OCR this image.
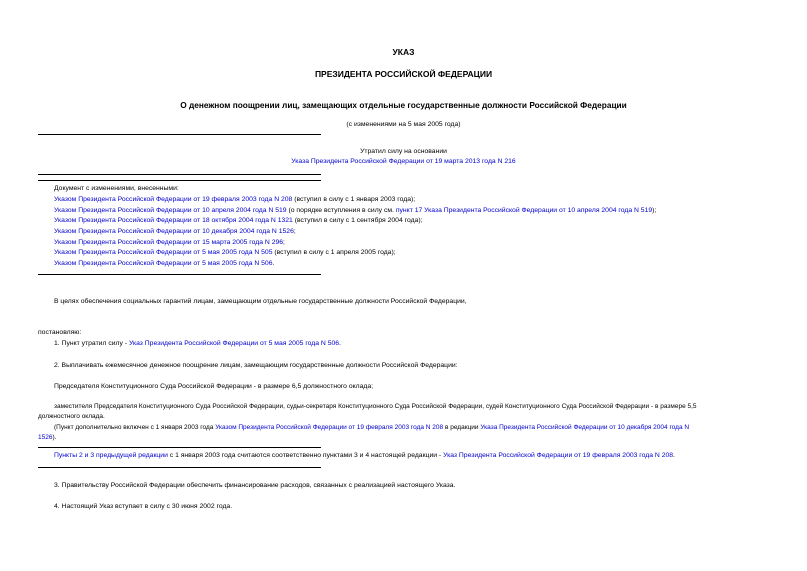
УКАЗ
ПРЕЗИДЕНТА РОССИЙСКОЙ ФЕДЕРАЦИИ
О денежном поощрении лиц, замещающих отдельные государственные должности Российской Федерации
(с изменениями на 5 мая 2005 года)
Утратил силу на основании
Указа Президента Российской Федерации от 19 марта 2013 года N 216
Документ с изменениями, внесенными:
Указом Президента Российской Федерации от 19 февраля 2003 года N 208 (вступил в силу с 1 января 2003 года);
Указом Президента Российской Федерации от 10 апреля 2004 года N 519 (о порядке вступления в силу см. пункт 17 Указа Президента Российской Федерации от 10 апреля 2004 года N 519);
Указом Президента Российской Федерации от 18 октября 2004 года N 1321 (вступил в силу с 1 сентября 2004 года);
Указом Президента Российской Федерации от 10 декабря 2004 года N 1526;
Указом Президента Российской Федерации от 15 марта 2005 года N 296;
Указом Президента Российской Федерации от 5 мая 2005 года N 505 (вступил в силу с 1 апреля 2005 года);
Указом Президента Российской Федерации от 5 мая 2005 года N 506.
В целях обеспечения социальных гарантий лицам, замещающим отдельные государственные должности Российской Федерации,
постановляю:
1. Пункт утратил силу - Указ Президента Российской Федерации от 5 мая 2005 года N 506.
2. Выплачивать ежемесячное денежное поощрение лицам, замещающим государственные должности Российской Федерации:
Председателя Конституционного Суда Российской Федерации - в размере 6,5 должностного оклада;
заместителя Председателя Конституционного Суда Российской Федерации, судьи-секретаря Конституционного Суда Российской Федерации, судей Конституционного Суда Российской Федерации - в размере 5,5
должностного оклада.
(Пункт дополнительно включен с 1 января 2003 года Указом Президента Российской Федерации от 19 февраля 2003 года N 208 в редакции Указа Президента Российской Федерации от 10 декабря 2004 года N
1526).
Пункты 2 и 3 предыдущей редакции с 1 января 2003 года считаются соответственно пунктами 3 и 4 настоящей редакции - Указ Президента Российской Федерации от 19 февраля 2003 года N 208.
3. Правительству Российской Федерации обеспечить финансирование расходов, связанных с реализацией настоящего Указа.
4. Настоящий Указ вступает в силу с 30 июня 2002 года.
